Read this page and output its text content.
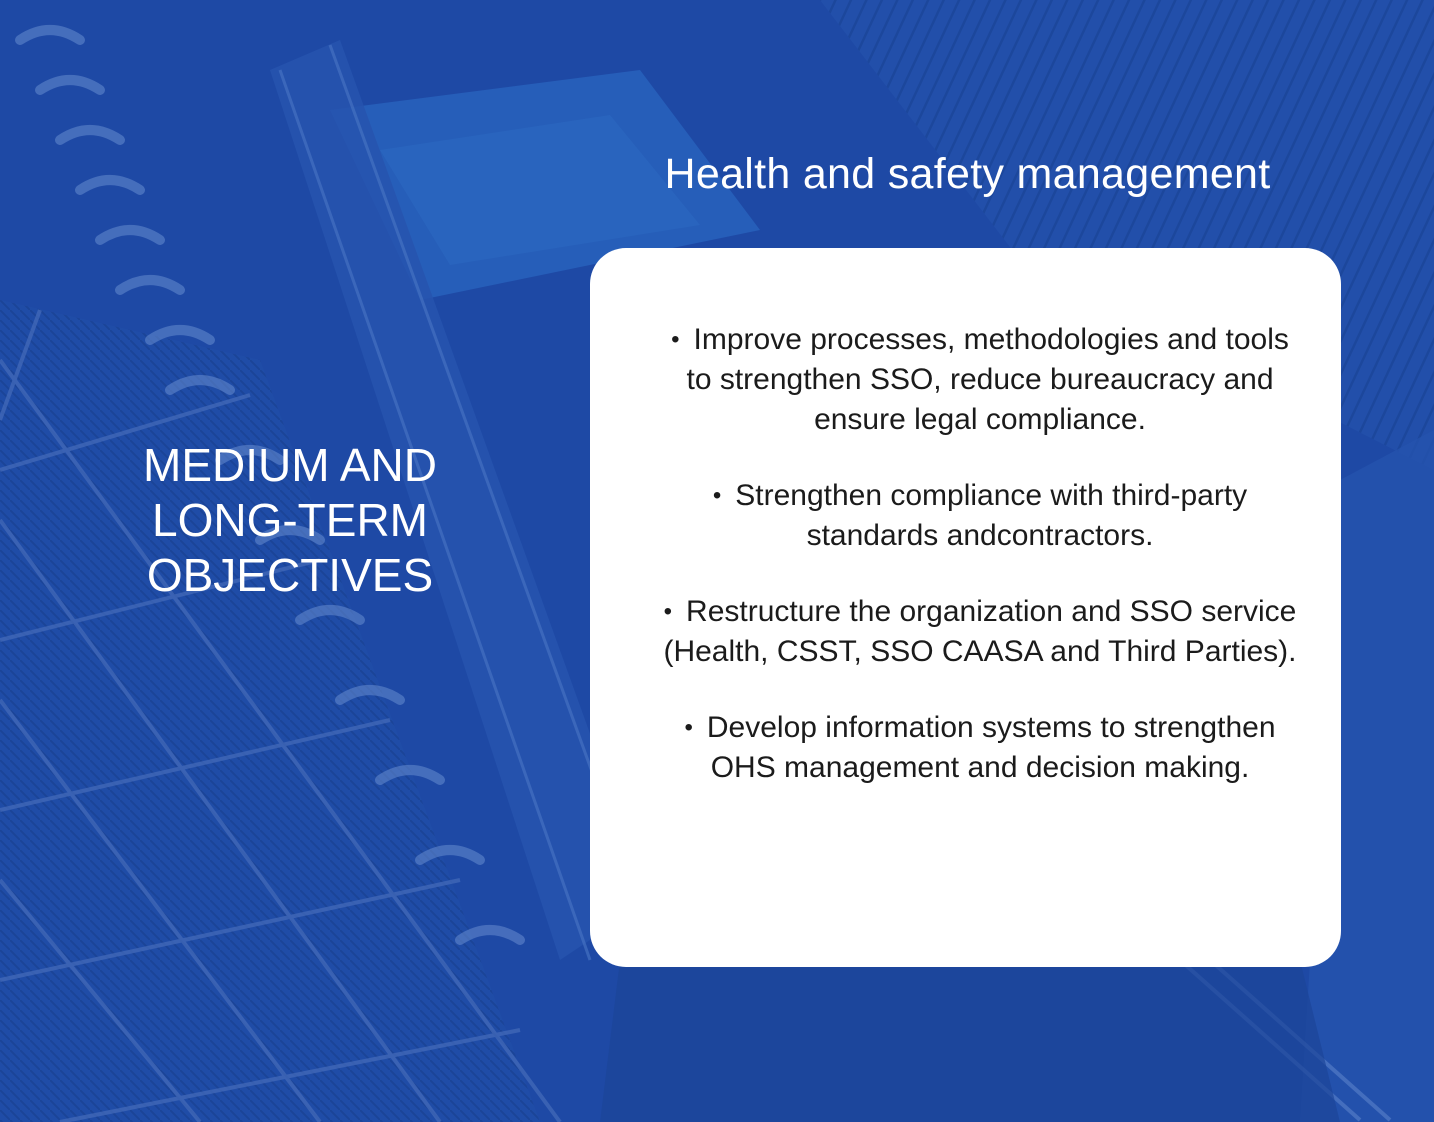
Health and safety management
MEDIUM AND
LONG-TERM
OBJECTIVES
• Improve processes, methodologies and tools to strengthen SSO, reduce bureaucracy and ensure legal compliance.
• Strengthen compliance with third-party standards andcontractors.
• Restructure the organization and SSO service (Health, CSST, SSO CAASA and Third Parties).
• Develop information systems to strengthen OHS management and decision making.
